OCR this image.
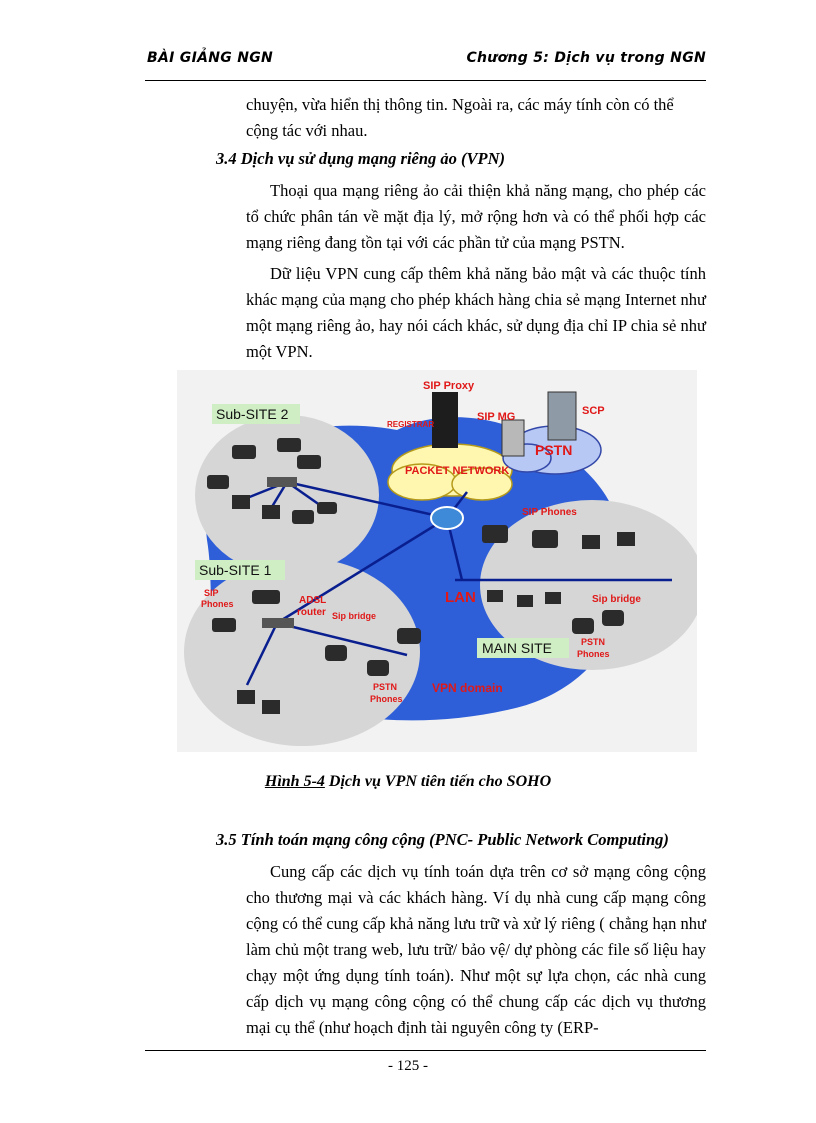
BÀI GIẢNG NGN	Chương 5: Dịch vụ trong NGN

chuyện, vừa hiển thị thông tin. Ngoài ra, các máy tính còn có thể

cộng tác với nhau.

3.4 Dịch vụ sử dụng mạng riêng ảo (VPN)

Thoại qua mạng riêng ảo cải thiện khả năng mạng, cho phép các tổ chức phân tán về mặt địa lý, mở rộng hơn và có thể phối hợp các mạng riêng đang tồn tại với các phần tử của mạng PSTN.

Dữ liệu VPN cung cấp thêm khả năng bảo mật và các thuộc tính khác mạng của mạng cho phép khách hàng chia sẻ mạng Internet như một mạng riêng ảo, hay nói cách khác, sử dụng địa chỉ IP chia sẻ như một VPN.

Sub-SITE 2
Sub-SITE 1
MAIN SITE
SIP Proxy
REGISTRAR
SIP MG	SCP
PSTN
PACKET NETWORK
SIP Phones
LAN	Sip bridge
PSTN
Phones
SIP
Phones	ADSL
router Sip bridge
PSTN
Phones
VPN domain
Hình 5-4 Dịch vụ VPN tiên tiến cho SOHO
3.5 Tính toán mạng công cộng (PNC- Public Network Computing)

Cung cấp các dịch vụ tính toán dựa trên cơ sở mạng công cộng cho thương mại và các khách hàng. Ví dụ nhà cung cấp mạng công cộng có thể cung cấp khả năng lưu trữ và xử lý riêng ( chẳng hạn như làm chủ một trang web, lưu trữ/ bảo vệ/ dự phòng các file số liệu hay chạy một ứng dụng tính toán). Như một sự lựa chọn, các nhà cung cấp dịch vụ mạng công cộng có thể chung cấp các dịch vụ thương mại cụ thể (như hoạch định tài nguyên công ty (ERP-

- 125 -
